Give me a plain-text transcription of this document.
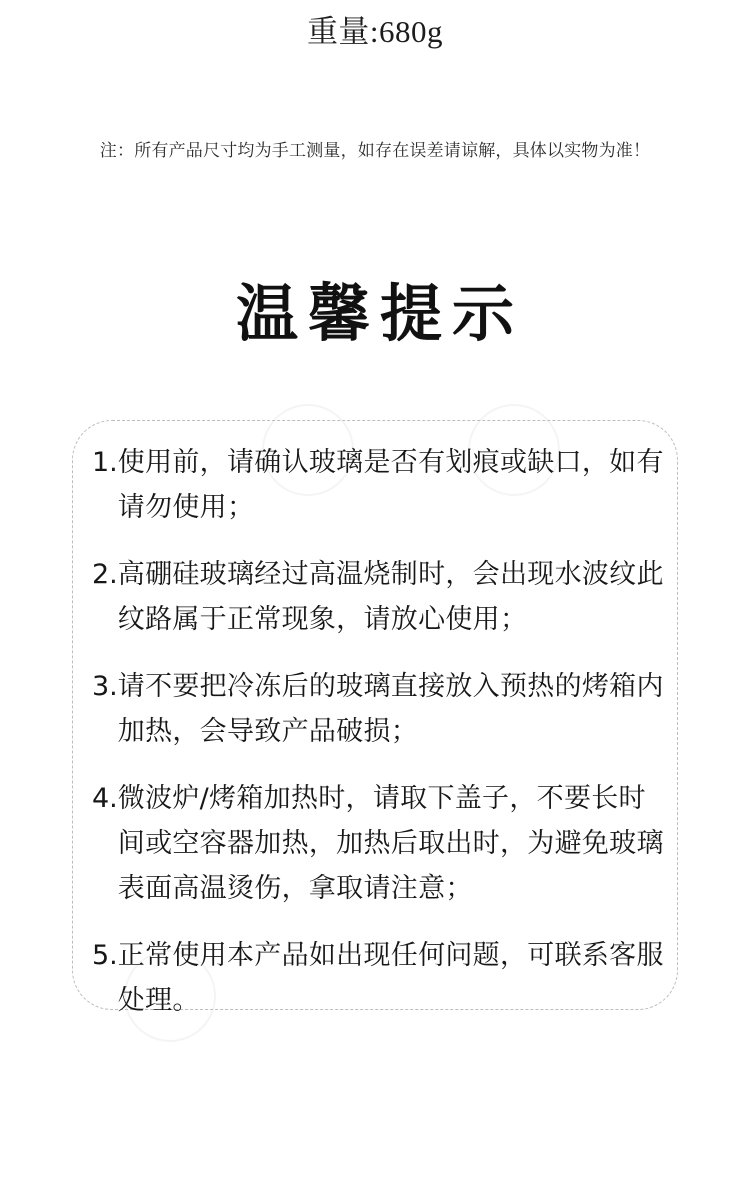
重量:680g
注：所有产品尺寸均为手工测量，如存在误差请谅解，具体以实物为准！
温馨提示
1. 使用前，请确认玻璃是否有划痕或缺口，如有请勿使用；
2. 高硼硅玻璃经过高温烧制时，会出现水波纹此纹路属于正常现象，请放心使用；
3. 请不要把冷冻后的玻璃直接放入预热的烤箱内加热，会导致产品破损；
4. 微波炉/烤箱加热时，请取下盖子，不要长时间或空容器加热，加热后取出时，为避免玻璃表面高温烫伤，拿取请注意；
5. 正常使用本产品如出现任何问题，可联系客服处理。
